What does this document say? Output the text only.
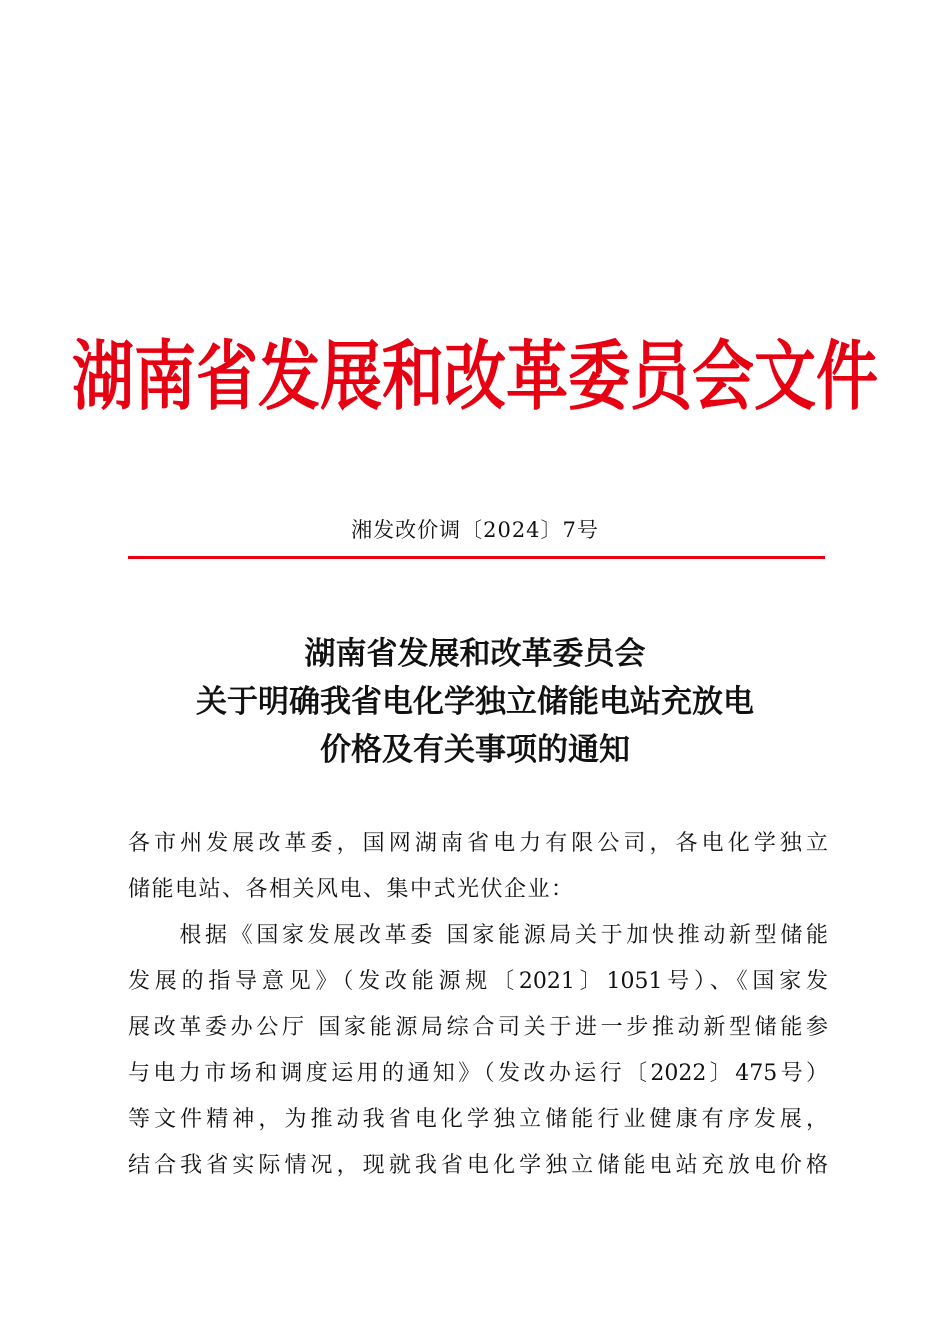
湖南省发展和改革委员会文件
湘发改价调〔2024〕7号
湖南省发展和改革委员会
关于明确我省电化学独立储能电站充放电
价格及有关事项的通知
各市州发展改革委，国网湖南省电力有限公司，各电化学独立
储能电站、各相关风电、集中式光伏企业：
　　根据《国家发展改革委 国家能源局关于加快推动新型储能
发展的指导意见》（发改能源规〔2021〕1051号）、《国家发
展改革委办公厅 国家能源局综合司关于进一步推动新型储能参
与电力市场和调度运用的通知》（发改办运行〔2022〕475号）
等文件精神，为推动我省电化学独立储能行业健康有序发展，
结合我省实际情况，现就我省电化学独立储能电站充放电价格
